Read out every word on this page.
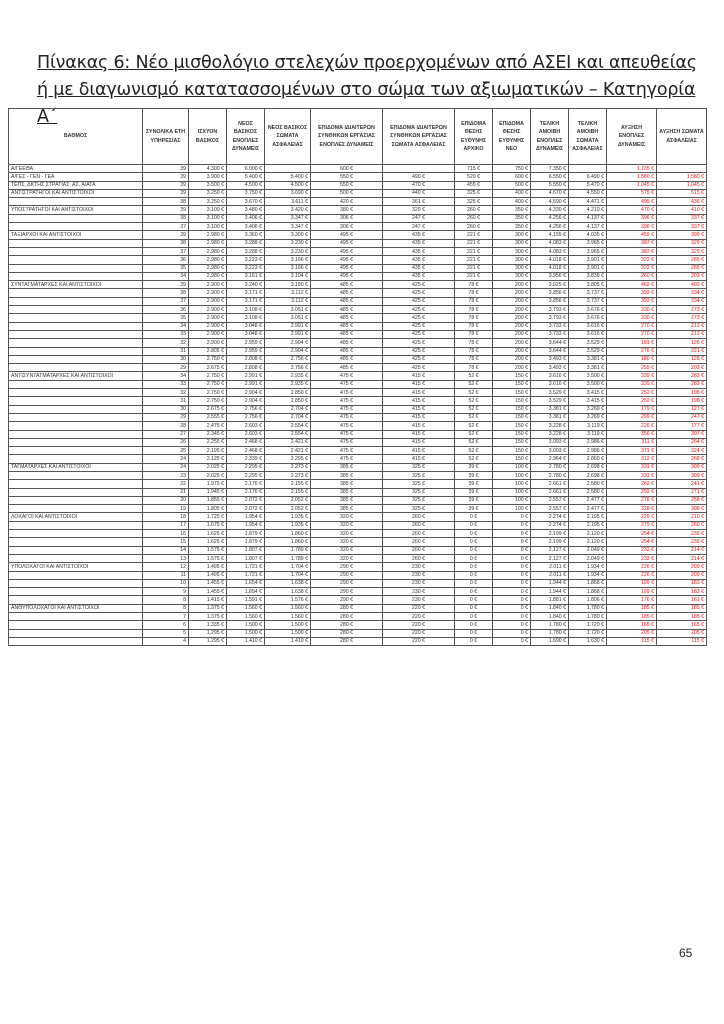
Πίνακας 6: Νέο μισθολόγιο στελεχών προερχομένων από ΑΣΕΙ και απευθείας ή με διαγωνισμό κατατασσομένων στο σώμα των αξιωματικών – Κατηγορία Α΄
ΒΑΘΜΟΣ	ΣΥΝΟΛΙΚΑ ΕΤΗ ΥΠΗΡΕΣΙΑΣ	ΙΣΧΥΟΝ ΒΑΣΙΚΟΣ	ΝΕΟΣ ΒΑΣΙΚΟΣ ΕΝΟΠΛΕΣ ΔΥΝΑΜΕΙΣ	ΝΕΟΣ ΒΑΣΙΚΟΣ ΣΩΜΑΤΑ ΑΣΦΑΛΕΙΑΣ	ΕΠΙΔΟΜΑ ΙΔΙΑΙΤΕΡΩΝ ΣΥΝΘΗΚΩΝ ΕΡΓΑΣΙΑΣ ΕΝΟΠΛΕΣ ΔΥΝΑΜΕΙΣ	ΕΠΙΔΟΜΑ ΙΔΙΑΙΤΕΡΩΝ ΣΥΝΘΗΚΩΝ ΕΡΓΑΣΙΑΣ ΣΩΜΑΤΑ ΑΣΦΑΛΕΙΑΣ	ΕΠΙΔΟΜΑ ΘΕΣΗΣ ΕΥΘΥΝΗΣ ΑΡΧΙΚΟ	ΕΠΙΔΟΜΑ ΘΕΣΗΣ ΕΥΘΥΝΗΣ ΝΕΟ	ΤΕΛΙΚΗ ΑΜΟΙΒΗ ΕΝΟΠΛΕΣ ΔΥΝΑΜΕΙΣ	ΤΕΛΙΚΗ ΑΜΟΙΒΗ ΣΩΜΑΤΑ ΑΣΦΑΛΕΙΑΣ	ΑΥΞΗΣΗ ΕΝΟΠΛΕΣ ΔΥΝΑΜΕΙΣ	ΑΥΞΗΣΗ ΣΩΜΑΤΑ ΑΣΦΑΛΕΙΑΣ
Α/ΓΕΕΘΑ	39	4.300 €	6.000 €		600 €		715 €	750 €	7.350 €		1.735 €	
Α/ΓΕΣ - ΓΕΝ - ΓΕΑ	39	3.900 €	5.400 €	5.400 €	550 €	490 €	520 €	600 €	6.550 €	6.490 €	1.580 €	1.580 €
ΤΕΠΣ, ΔΚΤΗΣ ΣΤΡΑΤΙΑΣ, ΑΣ, Α/ΑΤΑ	39	3.500 €	4.500 €	4.500 €	550 €	470 €	455 €	500 €	5.550 €	5.470 €	1.045 €	1.045 €
ΑΝΤΙΣΤΡΑΤΗΓΟΙ ΚΑΙ ΑΝΤΙΣΤΟΙΧΟΙ	39	3.250 €	3.750 €	3.690 €	500 €	440 €	325 €	400 €	4.670 €	4.550 €	575 €	515 €
	38	3.250 €	3.670 €	3.611 €	420 €	361 €	325 €	400 €	4.590 €	4.471 €	495 €	436 €
ΥΠΟΣΤΡΑΤΗΓΟΙ ΚΑΙ ΑΝΤΙΣΤΟΙΧΟΙ	39	3.100 €	3.480 €	3.420 €	380 €	320 €	260 €	350 €	4.330 €	4.210 €	470 €	410 €
	38	3.100 €	3.406 €	3.347 €	306 €	247 €	260 €	350 €	4.256 €	4.137 €	396 €	337 €
	37	3.100 €	3.406 €	3.347 €	306 €	247 €	260 €	350 €	4.256 €	4.137 €	396 €	337 €
ΤΑΞΙΑΡΧΟΙ ΚΑΙ ΑΝΤΙΣΤΟΙΧΟΙ	39	2.980 €	3.360 €	3.300 €	495 €	435 €	221 €	300 €	4.155 €	4.035 €	459 €	399 €
	38	2.980 €	3.288 €	3.230 €	495 €	435 €	221 €	300 €	4.083 €	3.965 €	387 €	329 €
	37	2.980 €	3.288 €	3.230 €	495 €	435 €	221 €	300 €	4.083 €	3.965 €	387 €	329 €
	36	2.980 €	3.223 €	3.166 €	495 €	435 €	221 €	300 €	4.018 €	3.901 €	322 €	265 €
	35	2.980 €	3.223 €	3.166 €	495 €	435 €	221 €	300 €	4.018 €	3.901 €	322 €	265 €
	34	2.980 €	3.161 €	3.104 €	495 €	435 €	221 €	300 €	3.956 €	3.839 €	260 €	203 €
ΣΥΝΤΑΓΜΑΤΑΡΧΕΣ ΚΑΙ ΑΝΤΙΣΤΟΙΧΟΙ	39	2.900 €	3.240 €	3.180 €	485 €	425 €	78 €	200 €	3.925 €	3.805 €	462 €	402 €
	38	2.900 €	3.171 €	3.112 €	485 €	425 €	78 €	200 €	3.856 €	3.737 €	393 €	334 €
	37	2.900 €	3.171 €	3.112 €	485 €	425 €	78 €	200 €	3.856 €	3.737 €	393 €	334 €
	36	2.900 €	3.108 €	3.051 €	485 €	425 €	78 €	200 €	3.793 €	3.676 €	330 €	273 €
	35	2.900 €	3.108 €	3.051 €	485 €	425 €	78 €	200 €	3.793 €	3.676 €	330 €	273 €
	34	2.900 €	3.048 €	2.991 €	485 €	425 €	78 €	200 €	3.733 €	3.616 €	270 €	213 €
	33	2.900 €	3.048 €	2.991 €	485 €	425 €	78 €	200 €	3.733 €	3.616 €	270 €	213 €
	32	2.900 €	2.959 €	2.904 €	485 €	425 €	78 €	200 €	3.644 €	3.529 €	181 €	126 €
	31	2.805 €	2.959 €	2.904 €	485 €	425 €	78 €	200 €	3.644 €	3.529 €	276 €	221 €
	30	2.750 €	2.808 €	2.756 €	485 €	425 €	78 €	200 €	3.493 €	3.381 €	180 €	128 €
	29	2.675 €	2.808 €	2.756 €	485 €	425 €	78 €	200 €	3.493 €	3.381 €	255 €	203 €
ΑΝΤΙΣΥΝΤΑΓΜΑΤΑΡΧΕΣ ΚΑΙ ΑΝΤΙΣΤΟΙΧΟΙ	34	2.750 €	2.991 €	2.935 €	475 €	415 €	52 €	150 €	3.616 €	3.500 €	339 €	283 €
	33	2.750 €	2.991 €	2.935 €	475 €	415 €	52 €	150 €	3.616 €	3.500 €	339 €	283 €
	32	2.750 €	2.904 €	2.850 €	475 €	415 €	52 €	150 €	3.529 €	3.415 €	252 €	198 €
	31	2.750 €	2.904 €	2.850 €	475 €	415 €	52 €	150 €	3.529 €	3.415 €	252 €	198 €
	30	2.675 €	2.756 €	2.704 €	475 €	415 €	52 €	150 €	3.381 €	3.269 €	179 €	127 €
	29	2.555 €	2.756 €	2.704 €	475 €	415 €	52 €	150 €	3.381 €	3.269 €	299 €	247 €
	28	2.475 €	2.603 €	2.554 €	475 €	415 €	52 €	150 €	3.228 €	3.119 €	226 €	177 €
	27	2.345 €	2.603 €	2.554 €	475 €	415 €	52 €	150 €	3.228 €	3.119 €	356 €	307 €
	26	2.255 €	2.468 €	2.421 €	475 €	415 €	52 €	150 €	3.093 €	2.986 €	311 €	264 €
	25	2.195 €	2.468 €	2.421 €	475 €	415 €	52 €	150 €	3.093 €	2.986 €	371 €	324 €
	24	2.125 €	2.339 €	2.295 €	475 €	415 €	52 €	150 €	2.964 €	2.860 €	312 €	268 €
ΤΑΓΜΑΤΑΡΧΕΣ ΚΑΙ ΑΝΤΙΣΤΟΙΧΟΙ	24	2.025 €	2.295 €	2.273 €	385 €	325 €	39 €	100 €	2.780 €	2.698 €	331 €	309 €
	23	2.025 €	2.295 €	2.273 €	385 €	325 €	39 €	100 €	2.780 €	2.698 €	331 €	309 €
	22	1.975 €	2.176 €	2.155 €	385 €	325 €	39 €	100 €	2.661 €	2.580 €	262 €	241 €
	21	1.945 €	2.176 €	2.155 €	385 €	325 €	39 €	100 €	2.661 €	2.580 €	292 €	271 €
	20	1.855 €	2.072 €	2.052 €	385 €	325 €	39 €	100 €	2.557 €	2.477 €	278 €	258 €
	19	1.805 €	2.072 €	2.052 €	385 €	325 €	39 €	100 €	2.557 €	2.477 €	328 €	308 €
ΛΟΧΑΓΟΙ ΚΑΙ ΑΝΤΙΣΤΟΙΧΟΙ	18	1.725 €	1.954 €	1.935 €	320 €	260 €	0 €	0 €	2.274 €	2.195 €	229 €	210 €
	17	1.675 €	1.954 €	1.935 €	320 €	260 €	0 €	0 €	2.274 €	2.195 €	279 €	260 €
	16	1.625 €	1.879 €	1.860 €	320 €	260 €	0 €	0 €	2.199 €	2.120 €	254 €	235 €
	15	1.625 €	1.879 €	1.860 €	320 €	260 €	0 €	0 €	2.199 €	2.120 €	254 €	235 €
	14	1.575 €	1.807 €	1.789 €	320 €	260 €	0 €	0 €	2.127 €	2.049 €	232 €	214 €
	13	1.575 €	1.807 €	1.789 €	320 €	260 €	0 €	0 €	2.127 €	2.049 €	232 €	214 €
ΥΠΟΛΟΧΑΓΟΙ ΚΑΙ ΑΝΤΙΣΤΟΙΧΟΙ	12	1.495 €	1.721 €	1.704 €	290 €	230 €	0 €	0 €	2.011 €	1.934 €	226 €	209 €
	11	1.495 €	1.721 €	1.704 €	290 €	230 €	0 €	0 €	2.011 €	1.934 €	226 €	209 €
	10	1.455 €	1.654 €	1.638 €	290 €	230 €	0 €	0 €	1.944 €	1.868 €	199 €	183 €
	9	1.455 €	1.654 €	1.638 €	290 €	230 €	0 €	0 €	1.944 €	1.868 €	199 €	183 €
	8	1.415 €	1.591 €	1.576 €	290 €	230 €	0 €	0 €	1.881 €	1.806 €	176 €	161 €
ΑΝΘΥΠΟΛΟΧΑΓΟΙ ΚΑΙ ΑΝΤΙΣΤΟΙΧΟΙ	8	1.375 €	1.560 €	1.560 €	280 €	220 €	0 €	0 €	1.840 €	1.780 €	185 €	185 €
	7	1.375 €	1.560 €	1.560 €	280 €	220 €	0 €	0 €	1.840 €	1.780 €	185 €	185 €
	6	1.335 €	1.500 €	1.500 €	280 €	220 €	0 €	0 €	1.780 €	1.720 €	165 €	165 €
	5	1.295 €	1.500 €	1.500 €	280 €	220 €	0 €	0 €	1.780 €	1.720 €	205 €	205 €
	4	1.295 €	1.410 €	1.410 €	280 €	220 €	0 €	0 €	1.690 €	1.630 €	115 €	115 €
65
